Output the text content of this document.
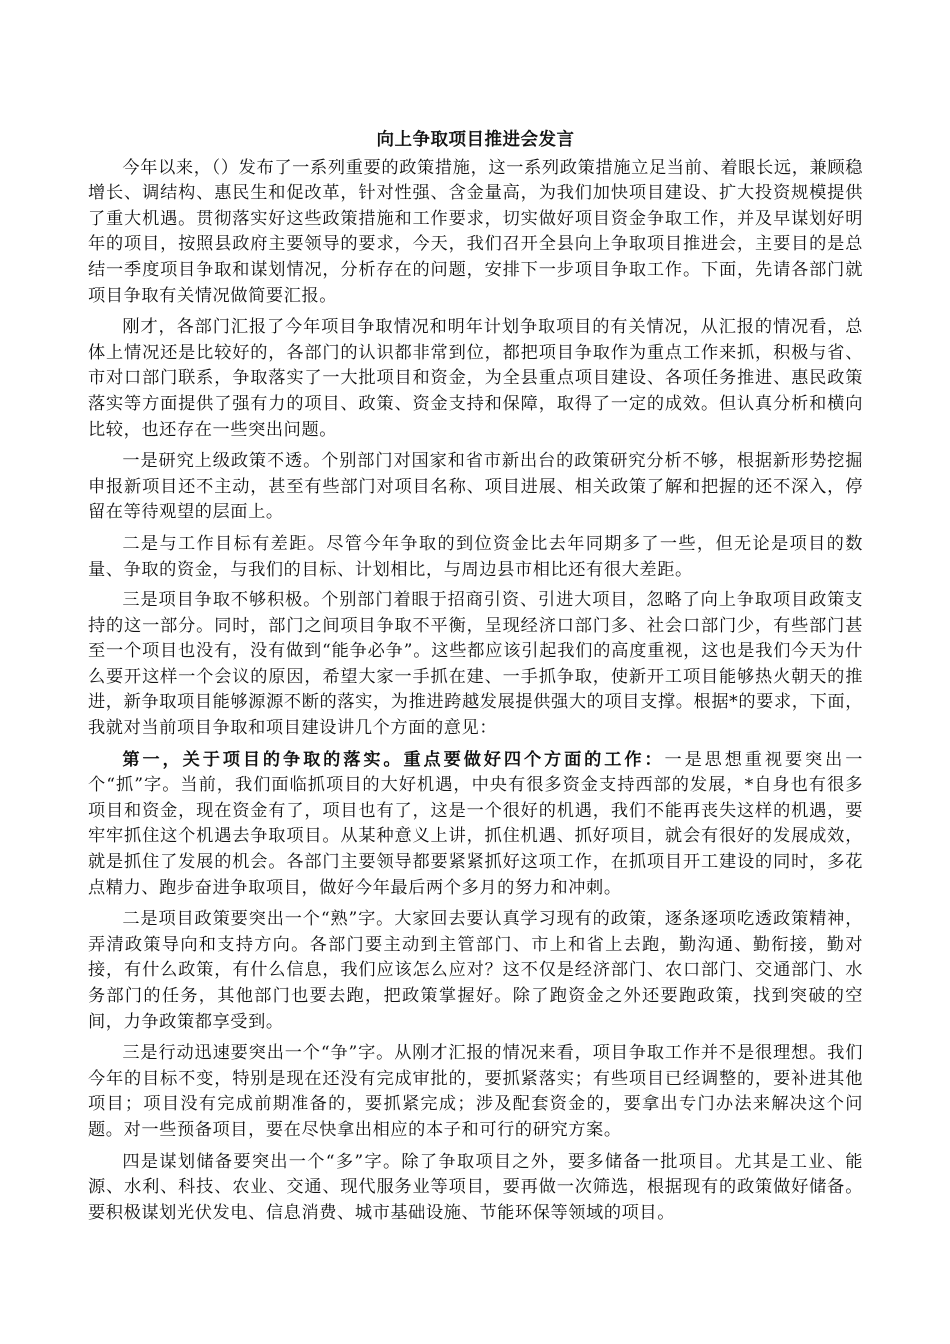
向上争取项目推进会发言

今年以来，（）发布了一系列重要的政策措施，这一系列政策措施立足当前、着眼长远，兼顾稳增长、调结构、惠民生和促改革，针对性强、含金量高，为我们加快项目建设、扩大投资规模提供了重大机遇。贯彻落实好这些政策措施和工作要求，切实做好项目资金争取工作，并及早谋划好明年的项目，按照县政府主要领导的要求，今天，我们召开全县向上争取项目推进会，主要目的是总结一季度项目争取和谋划情况，分析存在的问题，安排下一步项目争取工作。下面，先请各部门就项目争取有关情况做简要汇报。

刚才，各部门汇报了今年项目争取情况和明年计划争取项目的有关情况，从汇报的情况看，总体上情况还是比较好的，各部门的认识都非常到位，都把项目争取作为重点工作来抓，积极与省、市对口部门联系，争取落实了一大批项目和资金，为全县重点项目建设、各项任务推进、惠民政策落实等方面提供了强有力的项目、政策、资金支持和保障，取得了一定的成效。但认真分析和横向比较，也还存在一些突出问题。

一是研究上级政策不透。个别部门对国家和省市新出台的政策研究分析不够，根据新形势挖掘申报新项目还不主动，甚至有些部门对项目名称、项目进展、相关政策了解和把握的还不深入，停留在等待观望的层面上。

二是与工作目标有差距。尽管今年争取的到位资金比去年同期多了一些，但无论是项目的数量、争取的资金，与我们的目标、计划相比，与周边县市相比还有很大差距。

三是项目争取不够积极。个别部门着眼于招商引资、引进大项目，忽略了向上争取项目政策支持的这一部分。同时，部门之间项目争取不平衡，呈现经济口部门多、社会口部门少，有些部门甚至一个项目也没有，没有做到“能争必争”。这些都应该引起我们的高度重视，这也是我们今天为什么要开这样一个会议的原因，希望大家一手抓在建、一手抓争取，使新开工项目能够热火朝天的推进，新争取项目能够源源不断的落实，为推进跨越发展提供强大的项目支撑。根据*的要求，下面，我就对当前项目争取和项目建设讲几个方面的意见：

第一，关于项目的争取的落实。重点要做好四个方面的工作：一是思想重视要突出一个“抓”字。当前，我们面临抓项目的大好机遇，中央有很多资金支持西部的发展，*自身也有很多项目和资金，现在资金有了，项目也有了，这是一个很好的机遇，我们不能再丧失这样的机遇，要牢牢抓住这个机遇去争取项目。从某种意义上讲，抓住机遇、抓好项目，就会有很好的发展成效，就是抓住了发展的机会。各部门主要领导都要紧紧抓好这项工作，在抓项目开工建设的同时，多花点精力、跑步奋进争取项目，做好今年最后两个多月的努力和冲刺。

二是项目政策要突出一个“熟”字。大家回去要认真学习现有的政策，逐条逐项吃透政策精神，弄清政策导向和支持方向。各部门要主动到主管部门、市上和省上去跑，勤沟通、勤衔接，勤对接，有什么政策，有什么信息，我们应该怎么应对？这不仅是经济部门、农口部门、交通部门、水务部门的任务，其他部门也要去跑，把政策掌握好。除了跑资金之外还要跑政策，找到突破的空间，力争政策都享受到。

三是行动迅速要突出一个“争”字。从刚才汇报的情况来看，项目争取工作并不是很理想。我们今年的目标不变，特别是现在还没有完成审批的，要抓紧落实；有些项目已经调整的，要补进其他项目；项目没有完成前期准备的，要抓紧完成；涉及配套资金的，要拿出专门办法来解决这个问题。对一些预备项目，要在尽快拿出相应的本子和可行的研究方案。

四是谋划储备要突出一个“多”字。除了争取项目之外，要多储备一批项目。尤其是工业、能源、水利、科技、农业、交通、现代服务业等项目，要再做一次筛选，根据现有的政策做好储备。要积极谋划光伏发电、信息消费、城市基础设施、节能环保等领域的项目。
